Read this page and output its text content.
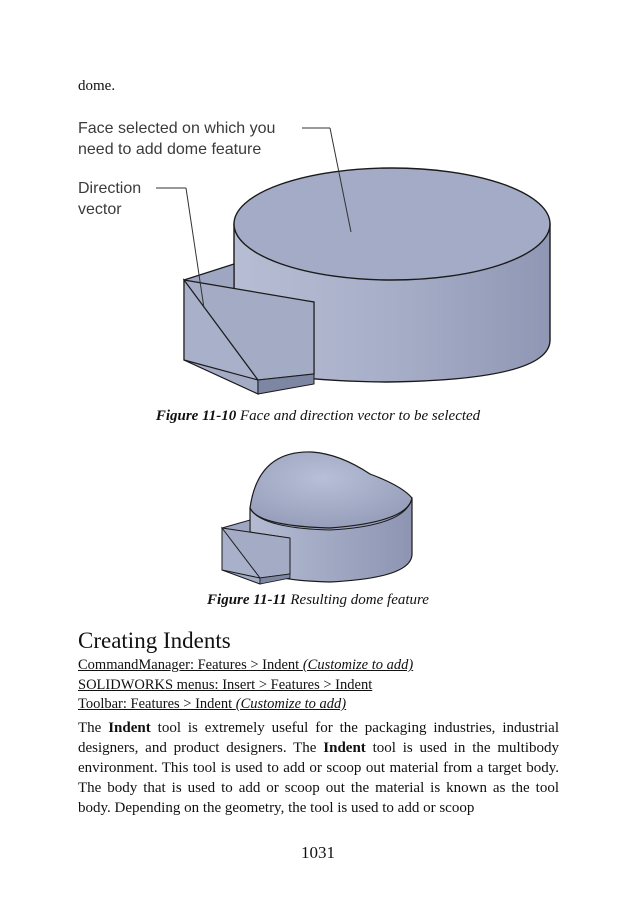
dome.
Face selected on which you
need to add dome feature
Direction
vector
Figure 11-10 Face and direction vector to be selected
Figure 11-11 Resulting dome feature
Creating Indents
CommandManager: Features > Indent (Customize to add)
SOLIDWORKS menus: Insert > Features > Indent
Toolbar: Features > Indent (Customize to add)
The Indent tool is extremely useful for the packaging industries, industrial designers, and product designers. The Indent tool is used in the multibody environment. This tool is used to add or scoop out material from a target body. The body that is used to add or scoop out the material is known as the tool body. Depending on the geometry, the tool is used to add or scoop
1031
